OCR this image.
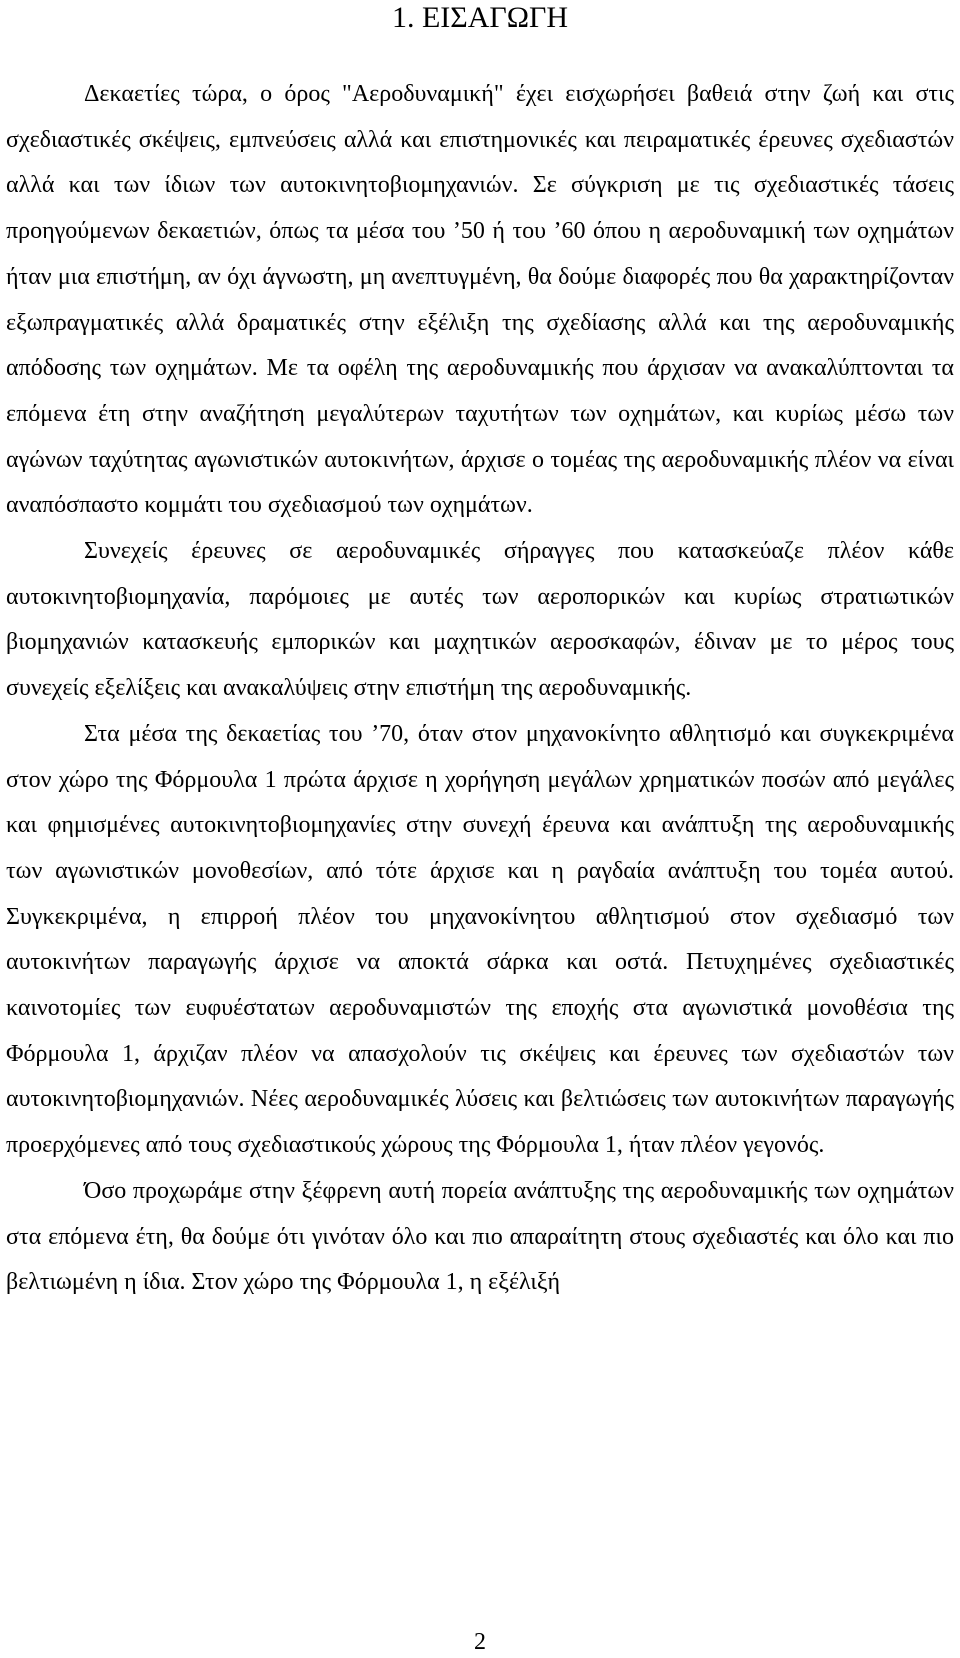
1. ΕΙΣΑΓΩΓΗ

Δεκαετίες τώρα, ο όρος "Αεροδυναμική" έχει εισχωρήσει βαθειά στην ζωή και στις σχεδιαστικές σκέψεις, εμπνεύσεις αλλά και επιστημονικές και πειραματικές έρευνες σχεδιαστών αλλά και των ίδιων των αυτοκινητοβιομηχανιών. Σε σύγκριση με τις σχεδιαστικές τάσεις προηγούμενων δεκαετιών, όπως τα μέσα του ’50 ή του ’60 όπου η αεροδυναμική των οχημάτων ήταν μια επιστήμη, αν όχι άγνωστη, μη ανεπτυγμένη, θα δούμε διαφορές που θα χαρακτηρίζονταν εξωπραγματικές αλλά δραματικές στην εξέλιξη της σχεδίασης αλλά και της αεροδυναμικής απόδοσης των οχημάτων. Με τα οφέλη της αεροδυναμικής που άρχισαν να ανακαλύπτονται τα επόμενα έτη στην αναζήτηση μεγαλύτερων ταχυτήτων των οχημάτων, και κυρίως μέσω των αγώνων ταχύτητας αγωνιστικών αυτοκινήτων, άρχισε ο τομέας της αεροδυναμικής πλέον να είναι αναπόσπαστο κομμάτι του σχεδιασμού των οχημάτων.

Συνεχείς έρευνες σε αεροδυναμικές σήραγγες που κατασκεύαζε πλέον κάθε αυτοκινητοβιομηχανία, παρόμοιες με αυτές των αεροπορικών και κυρίως στρατιωτικών βιομηχανιών κατασκευής εμπορικών και μαχητικών αεροσκαφών, έδιναν με το μέρος τους συνεχείς εξελίξεις και ανακαλύψεις στην επιστήμη της αεροδυναμικής.

Στα μέσα της δεκαετίας του ’70, όταν στον μηχανοκίνητο αθλητισμό και συγκεκριμένα στον χώρο της Φόρμουλα 1 πρώτα άρχισε η χορήγηση μεγάλων χρηματικών ποσών από μεγάλες και φημισμένες αυτοκινητοβιομηχανίες στην συνεχή έρευνα και ανάπτυξη της αεροδυναμικής των αγωνιστικών μονοθεσίων, από τότε άρχισε και η ραγδαία ανάπτυξη του τομέα αυτού. Συγκεκριμένα, η επιρροή πλέον του μηχανοκίνητου αθλητισμού στον σχεδιασμό των αυτοκινήτων παραγωγής άρχισε να αποκτά σάρκα και οστά. Πετυχημένες σχεδιαστικές καινοτομίες των ευφυέστατων αεροδυναμιστών της εποχής στα αγωνιστικά μονοθέσια της Φόρμουλα 1, άρχιζαν πλέον να απασχολούν τις σκέψεις και έρευνες των σχεδιαστών των αυτοκινητοβιομηχανιών. Νέες αεροδυναμικές λύσεις και βελτιώσεις των αυτοκινήτων παραγωγής προερχόμενες από τους σχεδιαστικούς χώρους της Φόρμουλα 1, ήταν πλέον γεγονός.

Όσο προχωράμε στην ξέφρενη αυτή πορεία ανάπτυξης της αεροδυναμικής των οχημάτων στα επόμενα έτη, θα δούμε ότι γινόταν όλο και πιο απαραίτητη στους σχεδιαστές και όλο και πιο βελτιωμένη η ίδια. Στον χώρο της Φόρμουλα 1, η εξέλιξή

2
